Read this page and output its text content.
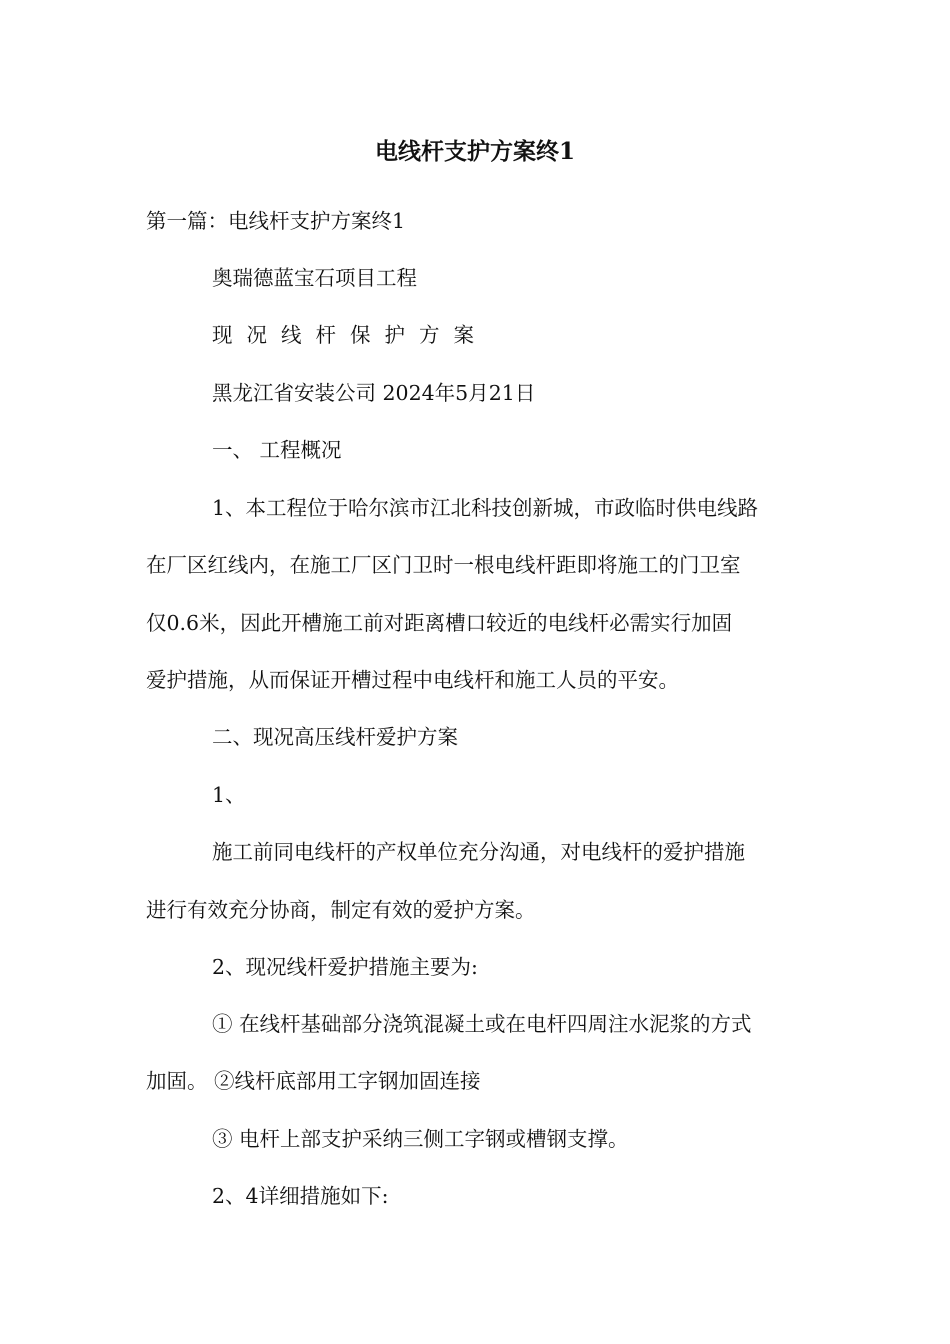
电线杆支护方案终1
第一篇：电线杆支护方案终1
奥瑞德蓝宝石项目工程
现况线杆保护方案
黑龙江省安装公司 2024年5月21日
一、 工程概况
1、本工程位于哈尔滨市江北科技创新城，市政临时供电线路
在厂区红线内，在施工厂区门卫时一根电线杆距即将施工的门卫室
仅0.6米，因此开槽施工前对距离槽口较近的电线杆必需实行加固
爱护措施，从而保证开槽过程中电线杆和施工人员的平安。
二、现况高压线杆爱护方案
1、
施工前同电线杆的产权单位充分沟通，对电线杆的爱护措施
进行有效充分协商，制定有效的爱护方案。
2、现况线杆爱护措施主要为:
① 在线杆基础部分浇筑混凝土或在电杆四周注水泥浆的方式
加固。 ②线杆底部用工字钢加固连接
③ 电杆上部支护采纳三侧工字钢或槽钢支撑。
2、4详细措施如下:
